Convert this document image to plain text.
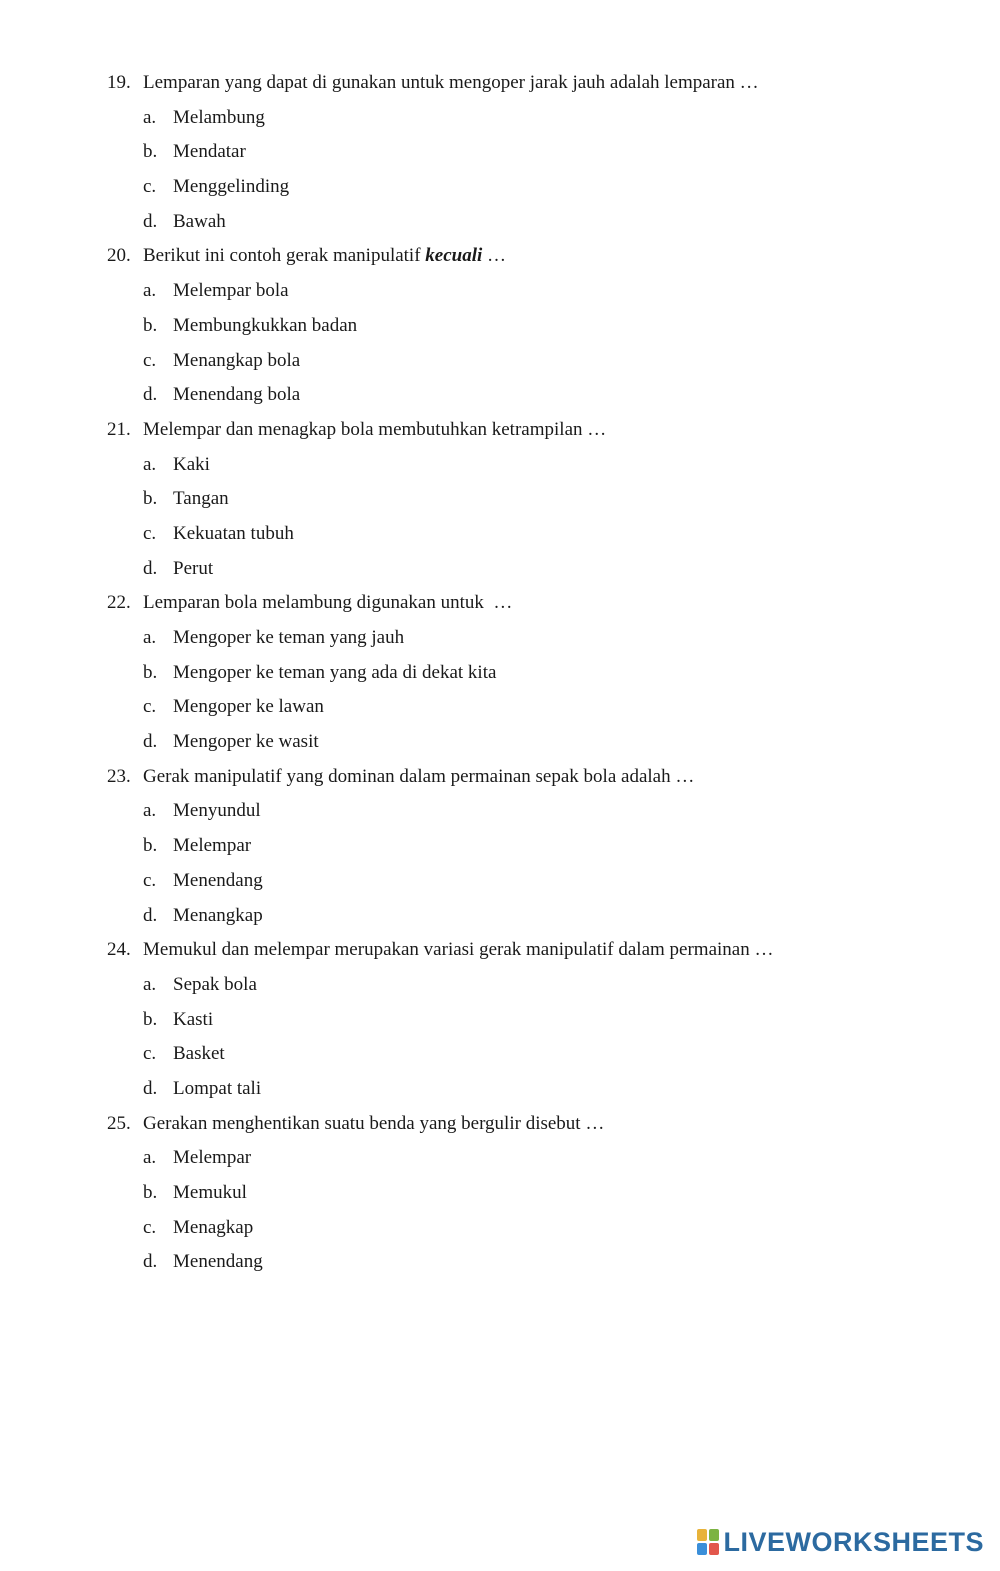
19. Lemparan yang dapat di gunakan untuk mengoper jarak jauh adalah lemparan …
a. Melambung
b. Mendatar
c. Menggelinding
d. Bawah
20. Berikut ini contoh gerak manipulatif kecuali …
a. Melempar bola
b. Membungkukkan badan
c. Menangkap bola
d. Menendang bola
21. Melempar dan menagkap bola membutuhkan ketrampilan …
a. Kaki
b. Tangan
c. Kekuatan tubuh
d. Perut
22. Lemparan bola melambung digunakan untuk  …
a. Mengoper ke teman yang jauh
b. Mengoper ke teman yang ada di dekat kita
c. Mengoper ke lawan
d. Mengoper ke wasit
23. Gerak manipulatif yang dominan dalam permainan sepak bola adalah …
a. Menyundul
b. Melempar
c. Menendang
d. Menangkap
24. Memukul dan melempar merupakan variasi gerak manipulatif dalam permainan …
a. Sepak bola
b. Kasti
c. Basket
d. Lompat tali
25. Gerakan menghentikan suatu benda yang bergulir disebut …
a. Melempar
b. Memukul
c. Menagkap
d. Menendang
LIVEWORKSHEETS
